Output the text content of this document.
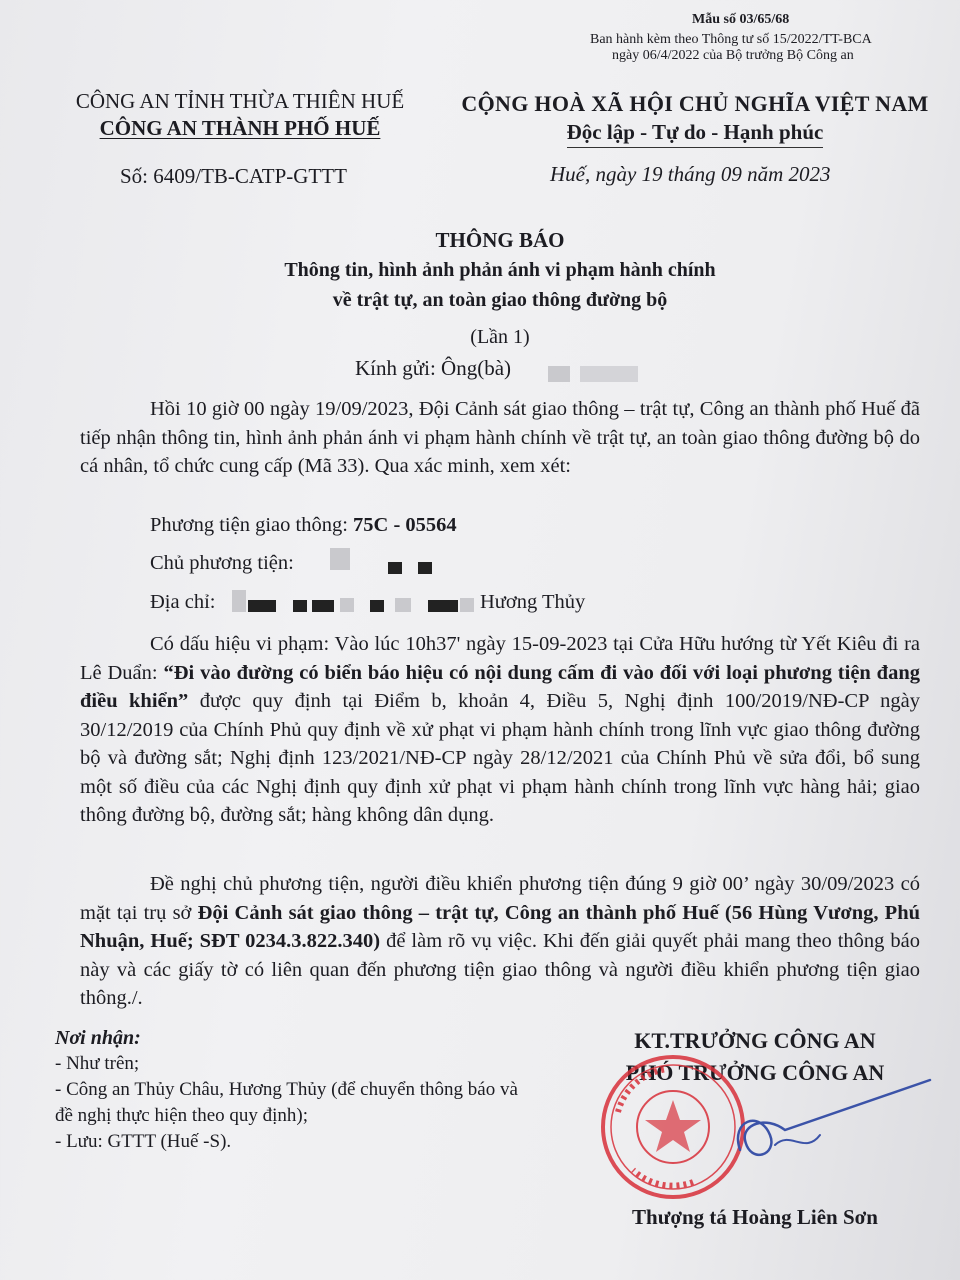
Mẫu số 03/65/68
Ban hành kèm theo Thông tư số 15/2022/TT-BCA
ngày 06/4/2022 của Bộ trưởng Bộ Công an
CÔNG AN TỈNH THỪA THIÊN HUẾ
CÔNG AN THÀNH PHỐ HUẾ
CỘNG HOÀ XÃ HỘI CHỦ NGHĨA VIỆT NAM
Độc lập - Tự do - Hạnh phúc
Số: 6409/TB-CATP-GTTT	Huế, ngày 19 tháng 09 năm 2023
THÔNG BÁO
Thông tin, hình ảnh phản ánh vi phạm hành chính
về trật tự, an toàn giao thông đường bộ
(Lần 1)
Kính gửi: Ông(bà)
Hồi 10 giờ 00 ngày 19/09/2023, Đội Cảnh sát giao thông – trật tự, Công an thành phố Huế đã tiếp nhận thông tin, hình ảnh phản ánh vi phạm hành chính về trật tự, an toàn giao thông đường bộ do cá nhân, tổ chức cung cấp (Mã 33). Qua xác minh, xem xét:
Phương tiện giao thông: 75C - 05564
Chủ phương tiện:
Địa chỉ:	Hương Thủy
Có dấu hiệu vi phạm: Vào lúc 10h37' ngày 15-09-2023 tại Cửa Hữu hướng từ Yết Kiêu đi ra Lê Duẩn: “Đi vào đường có biển báo hiệu có nội dung cấm đi vào đối với loại phương tiện đang điều khiển” được quy định tại Điểm b, khoản 4, Điều 5, Nghị định 100/2019/NĐ-CP ngày 30/12/2019 của Chính Phủ quy định về xử phạt vi phạm hành chính trong lĩnh vực giao thông đường bộ và đường sắt; Nghị định 123/2021/NĐ-CP ngày 28/12/2021 của Chính Phủ về sửa đổi, bổ sung một số điều của các Nghị định quy định xử phạt vi phạm hành chính trong lĩnh vực hàng hải; giao thông đường bộ, đường sắt; hàng không dân dụng.
Đề nghị chủ phương tiện, người điều khiển phương tiện đúng 9 giờ 00’ ngày 30/09/2023 có mặt tại trụ sở Đội Cảnh sát giao thông – trật tự, Công an thành phố Huế (56 Hùng Vương, Phú Nhuận, Huế; SĐT 0234.3.822.340) để làm rõ vụ việc. Khi đến giải quyết phải mang theo thông báo này và các giấy tờ có liên quan đến phương tiện giao thông và người điều khiển phương tiện giao thông./.
Nơi nhận:
- Như trên;
- Công an Thủy Châu, Hương Thủy (để chuyển thông báo và đề nghị thực hiện theo quy định);
- Lưu: GTTT (Huế -S).
KT.TRƯỞNG CÔNG AN
PHÓ TRƯỞNG CÔNG AN
Thượng tá Hoàng Liên Sơn
